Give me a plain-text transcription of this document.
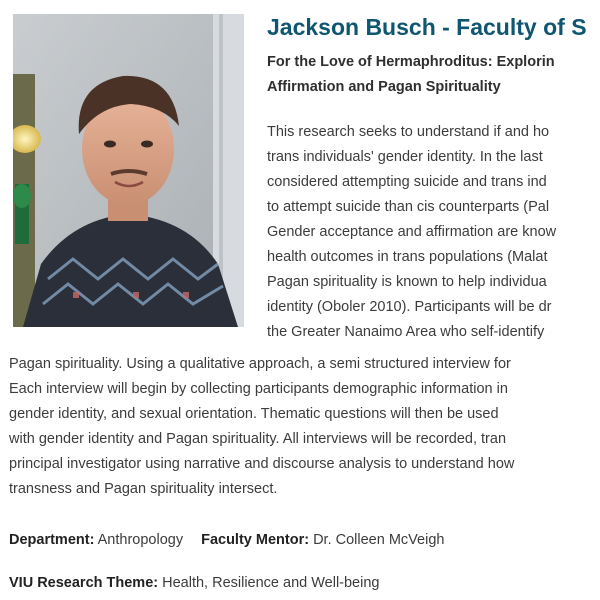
Jackson Busch - Faculty of S
For the Love of Hermaphroditus: Explorin
Affirmation and Pagan Spirituality

This research seeks to understand if and ho

trans individuals' gender identity. In the last

considered attempting suicide and trans ind

to attempt suicide than cis counterparts (Pal

Gender acceptance and affirmation are know

health outcomes in trans populations (Malat

Pagan spirituality is known to help individua

identity (Oboler 2010). Participants will be dr

the Greater Nanaimo Area who self-identify

Pagan spirituality. Using a qualitative approach, a semi structured interview for

Each interview will begin by collecting participants demographic information in

gender identity, and sexual orientation. Thematic questions will then be used

with gender identity and Pagan spirituality. All interviews will be recorded, tran

principal investigator using narrative and discourse analysis to understand how

transness and Pagan spirituality intersect.

Department: Anthropology Faculty Mentor: Dr. Colleen McVeigh
VIU Research Theme: Health, Resilience and Well-being
